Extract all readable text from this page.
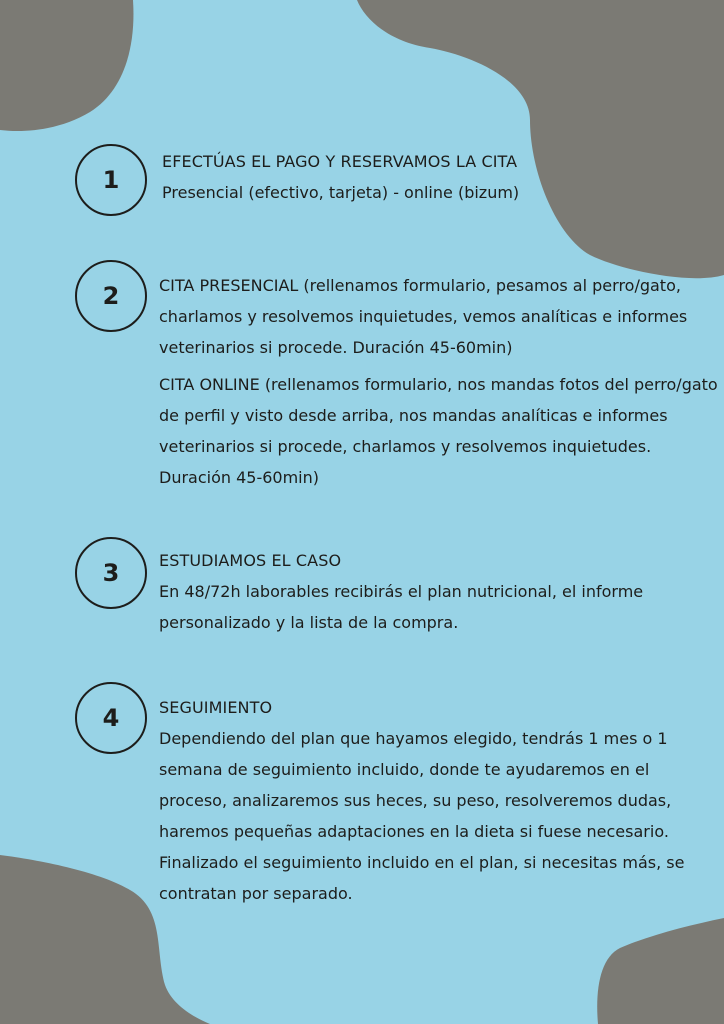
1

EFECTÚAS EL PAGO Y RESERVAMOS LA CITA

Presencial (efectivo, tarjeta) - online (bizum)

2 CITA PRESENCIAL (rellenamos formulario, pesamos al perro/gato, charlamos y resolvemos inquietudes, vemos analíticas e informes veterinarios si procede. Duración 45-60min)

CITA ONLINE (rellenamos formulario, nos mandas fotos del perro/gato de perfil y visto desde arriba, nos mandas analíticas e informes veterinarios si procede, charlamos y resolvemos inquietudes. Duración 45-60min)

3 ESTUDIAMOS EL CASO

En 48/72h laborables recibirás el plan nutricional, el informe personalizado y la lista de la compra.

4 SEGUIMIENTO

Dependiendo del plan que hayamos elegido, tendrás 1 mes o 1 semana de seguimiento incluido, donde te ayudaremos en el proceso, analizaremos sus heces, su peso, resolveremos dudas, haremos pequeñas adaptaciones en la dieta si fuese necesario. Finalizado el seguimiento incluido en el plan, si necesitas más, se contratan por separado.
